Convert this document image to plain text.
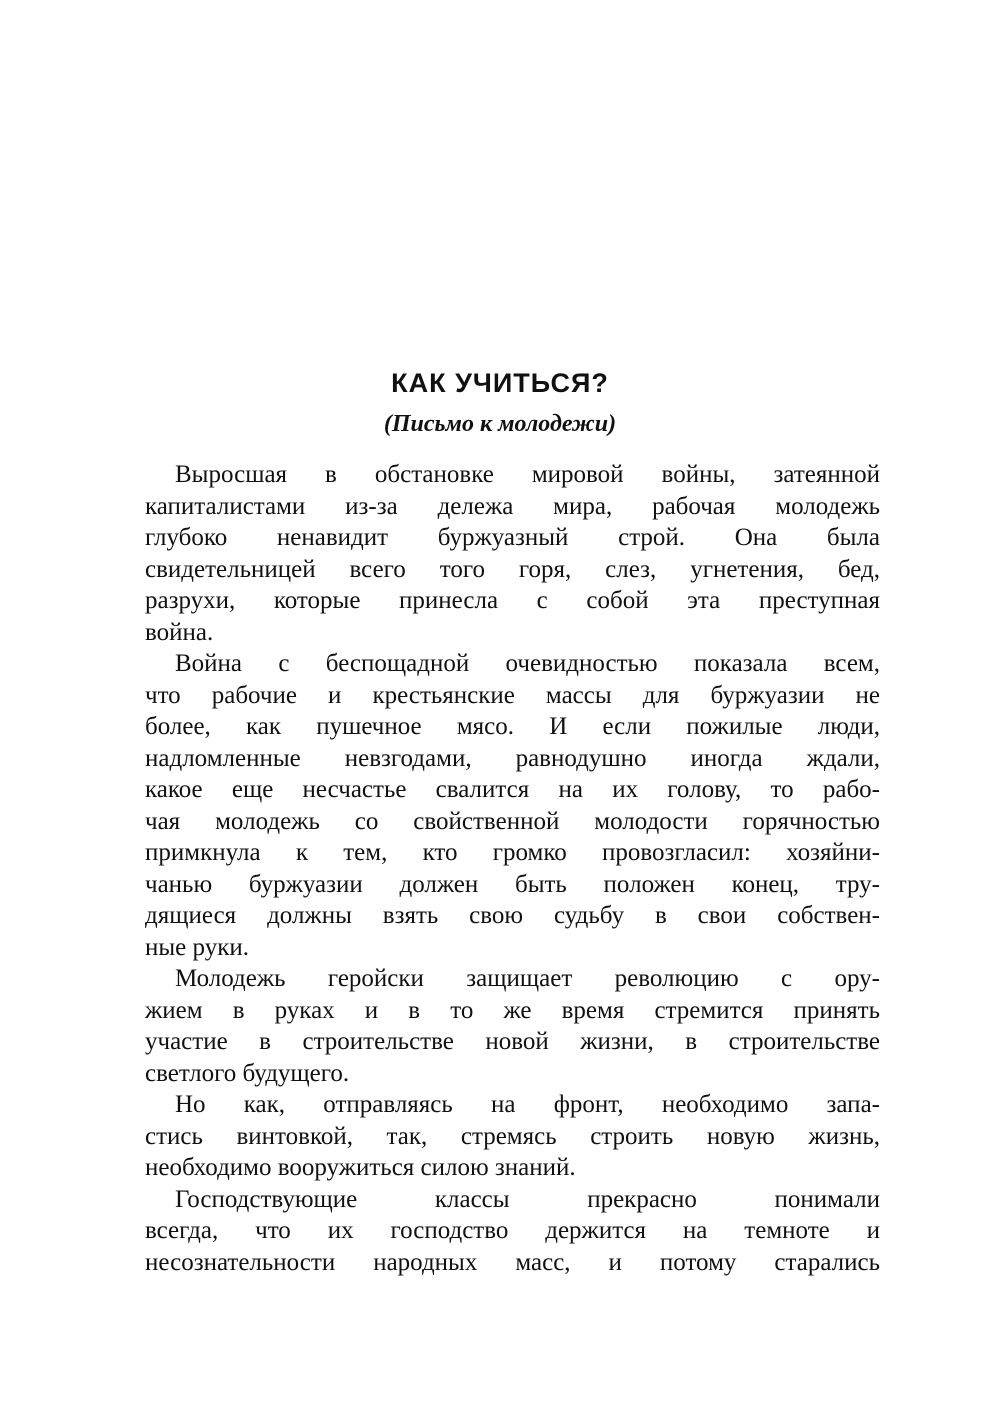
КАК УЧИТЬСЯ?
(Письмо к молодежи)
Выросшая в обстановке мировой войны, затеянной
капиталистами из-за дележа мира, рабочая молодежь
глубоко ненавидит буржуазный строй. Она была
свидетельницей всего того горя, слез, угнетения, бед,
разрухи, которые принесла с собой эта преступная
война.
Война с беспощадной очевидностью показала всем,
что рабочие и крестьянские массы для буржуазии не
более, как пушечное мясо. И если пожилые люди,
надломленные невзгодами, равнодушно иногда ждали,
какое еще несчастье свалится на их голову, то рабо-
чая молодежь со свойственной молодости горячностью
примкнула к тем, кто громко провозгласил: хозяйни-
чанью буржуазии должен быть положен конец, тру-
дящиеся должны взять свою судьбу в свои собствен-
ные руки.
Молодежь геройски защищает революцию с ору-
жием в руках и в то же время стремится принять
участие в строительстве новой жизни, в строительстве
светлого будущего.
Но как, отправляясь на фронт, необходимо запа-
стись винтовкой, так, стремясь строить новую жизнь,
необходимо вооружиться силою знаний.
Господствующие классы прекрасно понимали
всегда, что их господство держится на темноте и
несознательности народных масс, и потому старались
